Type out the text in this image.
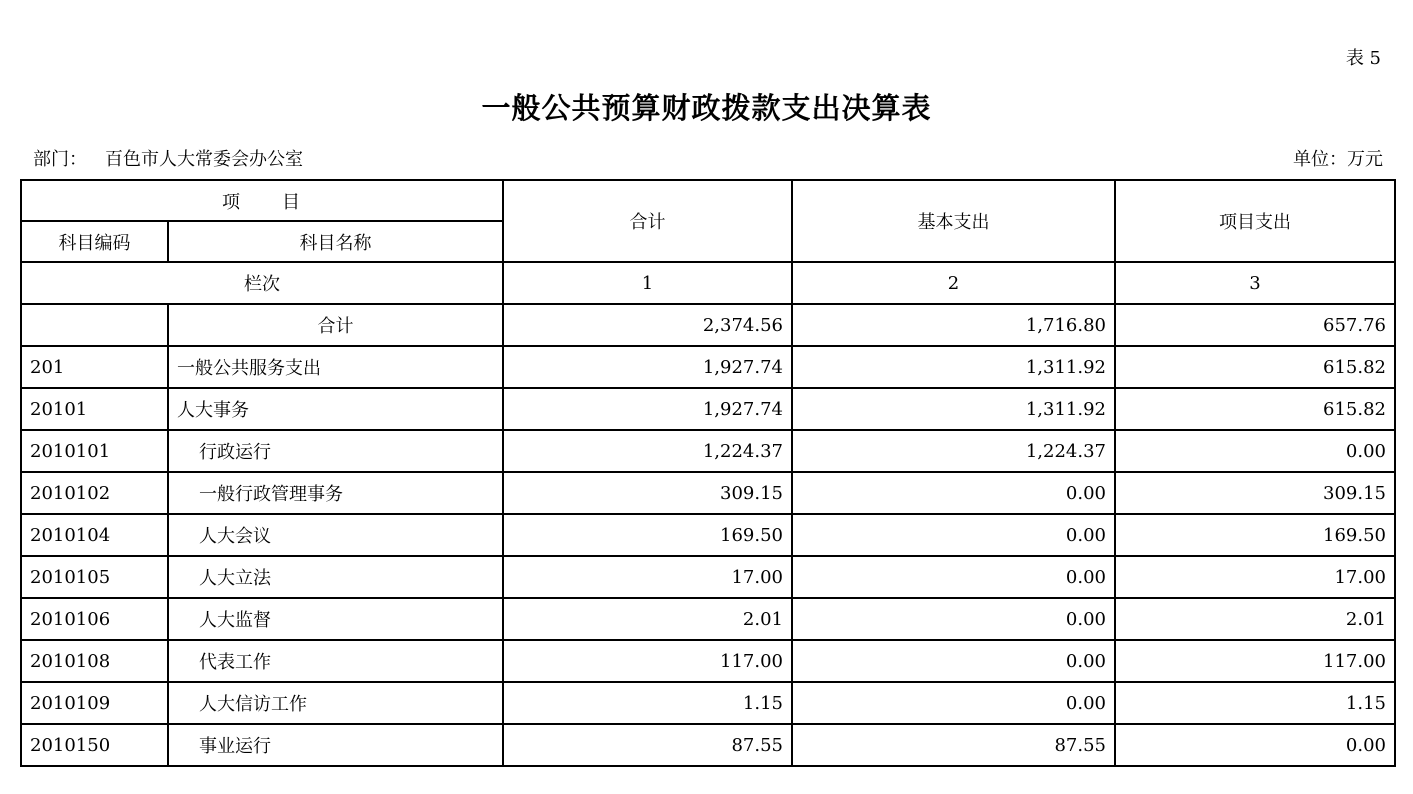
表 5
一般公共预算财政拨款支出决算表
部门： 百色市人大常委会办公室	单位：万元
项　　目		合计	基本支出	项目支出
科目编码	科目名称			
栏次		1	2	3
	合计	2,374.56	1,716.80	657.76
201	一般公共服务支出	1,927.74	1,311.92	615.82
20101	人大事务	1,927.74	1,311.92	615.82
2010101	行政运行	1,224.37	1,224.37	0.00
2010102	一般行政管理事务	309.15	0.00	309.15
2010104	人大会议	169.50	0.00	169.50
2010105	人大立法	17.00	0.00	17.00
2010106	人大监督	2.01	0.00	2.01
2010108	代表工作	117.00	0.00	117.00
2010109	人大信访工作	1.15	0.00	1.15
2010150	事业运行	87.55	87.55	0.00
